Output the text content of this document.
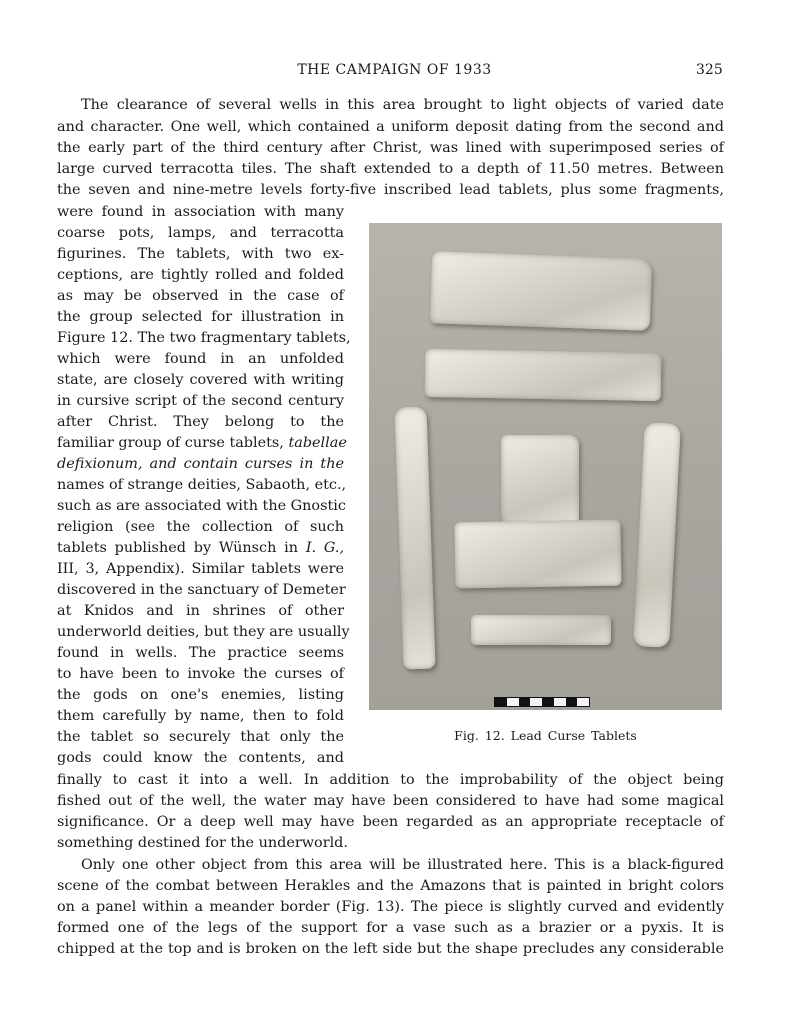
THE CAMPAIGN OF 1933	325
The clearance of several wells in this area brought to light objects of varied date
and character. One well, which contained a uniform deposit dating from the second and
the early part of the third century after Christ, was lined with superimposed series of
large curved terracotta tiles. The shaft extended to a depth of 11.50 metres. Between
the seven and nine-metre levels forty-five inscribed lead tablets, plus some fragments,
were found in association with many
coarse pots, lamps, and terracotta
figurines. The tablets, with two ex-
ceptions, are tightly rolled and folded
as may be observed in the case of
the group selected for illustration in
Figure 12. The two fragmentary tablets,
which were found in an unfolded
state, are closely covered with writing
in cursive script of the second century
after Christ. They belong to the
familiar group of curse tablets, tabellae
defixionum, and contain curses in the
names of strange deities, Sabaoth, etc.,
such as are associated with the Gnostic
religion (see the collection of such
tablets published by Wünsch in I. G.,
III, 3, Appendix). Similar tablets were
discovered in the sanctuary of Demeter
at Knidos and in shrines of other
underworld deities, but they are usually
found in wells. The practice seems
to have been to invoke the curses of
the gods on one's enemies, listing
them carefully by name, then to fold
the tablet so securely that only the
gods could know the contents, and
finally to cast it into a well. In addition to the improbability of the object being
fished out of the well, the water may have been considered to have had some magical
significance. Or a deep well may have been regarded as an appropriate receptacle of
something destined for the underworld.
Only one other object from this area will be illustrated here. This is a black-figured
scene of the combat between Herakles and the Amazons that is painted in bright colors
on a panel within a meander border (Fig. 13). The piece is slightly curved and evidently
formed one of the legs of the support for a vase such as a brazier or a pyxis. It is
chipped at the top and is broken on the left side but the shape precludes any considerable
Fig. 12. Lead Curse Tablets
